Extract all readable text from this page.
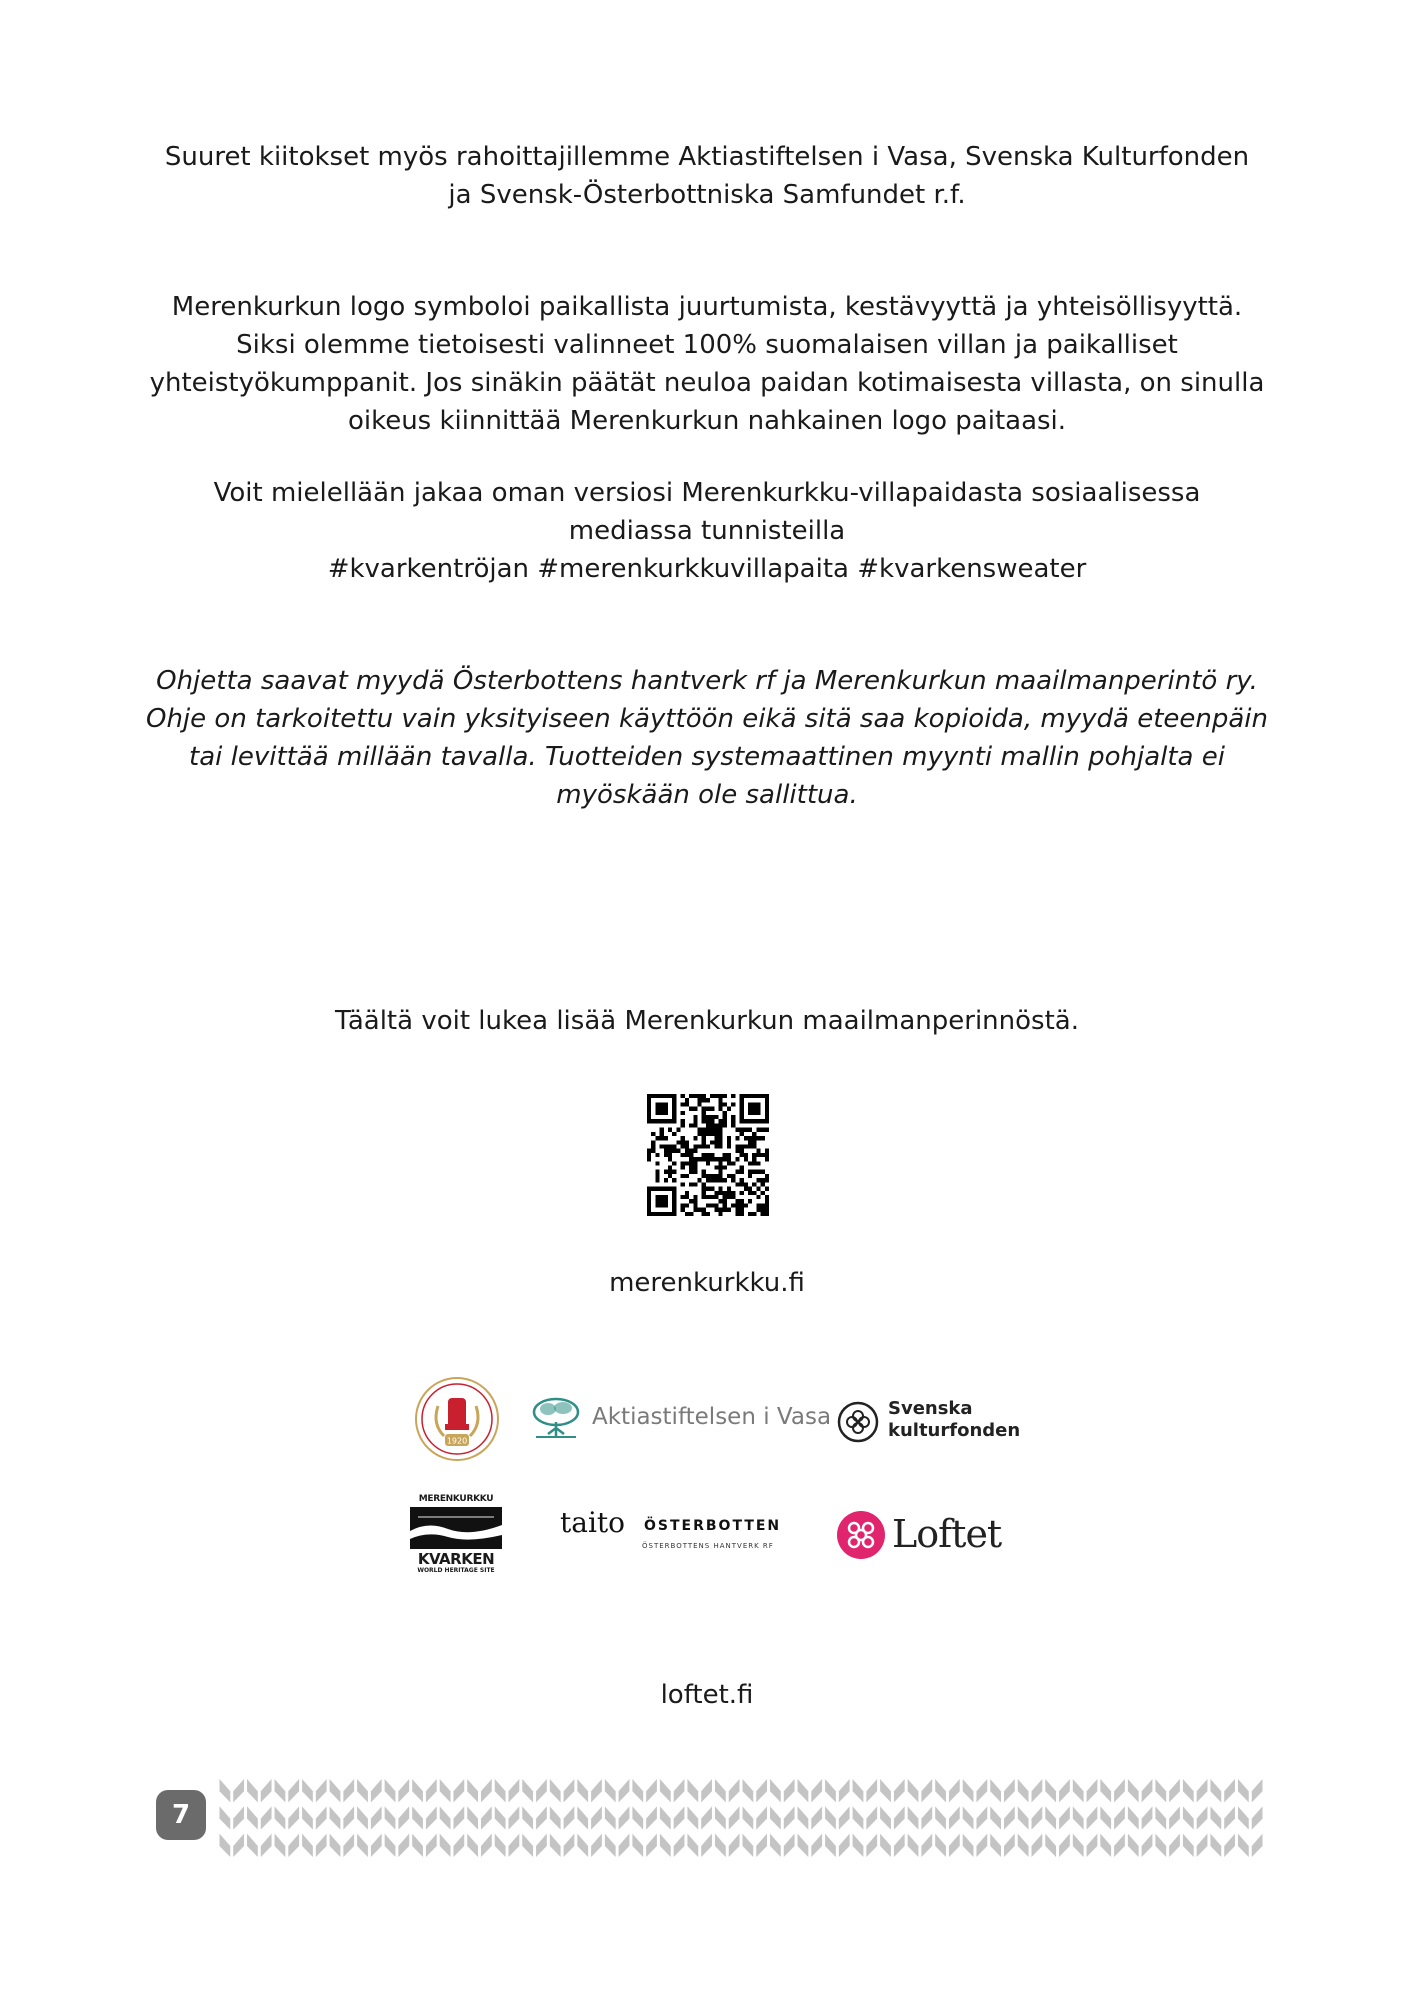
Suuret kiitokset myös rahoittajillemme Aktiastiftelsen i Vasa, Svenska Kulturfonden ja Svensk-Österbottniska Samfundet r.f.

Merenkurkun logo symboloi paikallista juurtumista, kestävyyttä ja yhteisöllisyyttä. Siksi olemme tietoisesti valinneet 100% suomalaisen villan ja paikalliset yhteistyökumppanit. Jos sinäkin päätät neuloa paidan kotimaisesta villasta, on sinulla oikeus kiinnittää Merenkurkun nahkainen logo paitaasi.

Voit mielellään jakaa oman versiosi Merenkurkku-villapaidasta sosiaalisessa mediassa tunnisteilla

#kvarkentröjan #merenkurkkuvillapaita #kvarkensweater

Ohjetta saavat myydä Österbottens hantverk rf ja Merenkurkun maailmanperintö ry. Ohje on tarkoitettu vain yksityiseen käyttöön eikä sitä saa kopioida, myydä eteenpäin tai levittää millään tavalla. Tuotteiden systemaattinen myynti mallin pohjalta ei myöskään ole sallittua.

Täältä voit lukea lisää Merenkurkun maailmanperinnöstä.

merenkurkku.fi

1920
Aktiastiftelsen i Vasa	Svenska
kulturfonden
MERENKURKKU
KVARKEN
WORLD HERITAGE SITE
taito ÖSTERBOTTEN
ÖSTERBOTTENS HANTVERK RF	Loftet

loftet.fi

7
